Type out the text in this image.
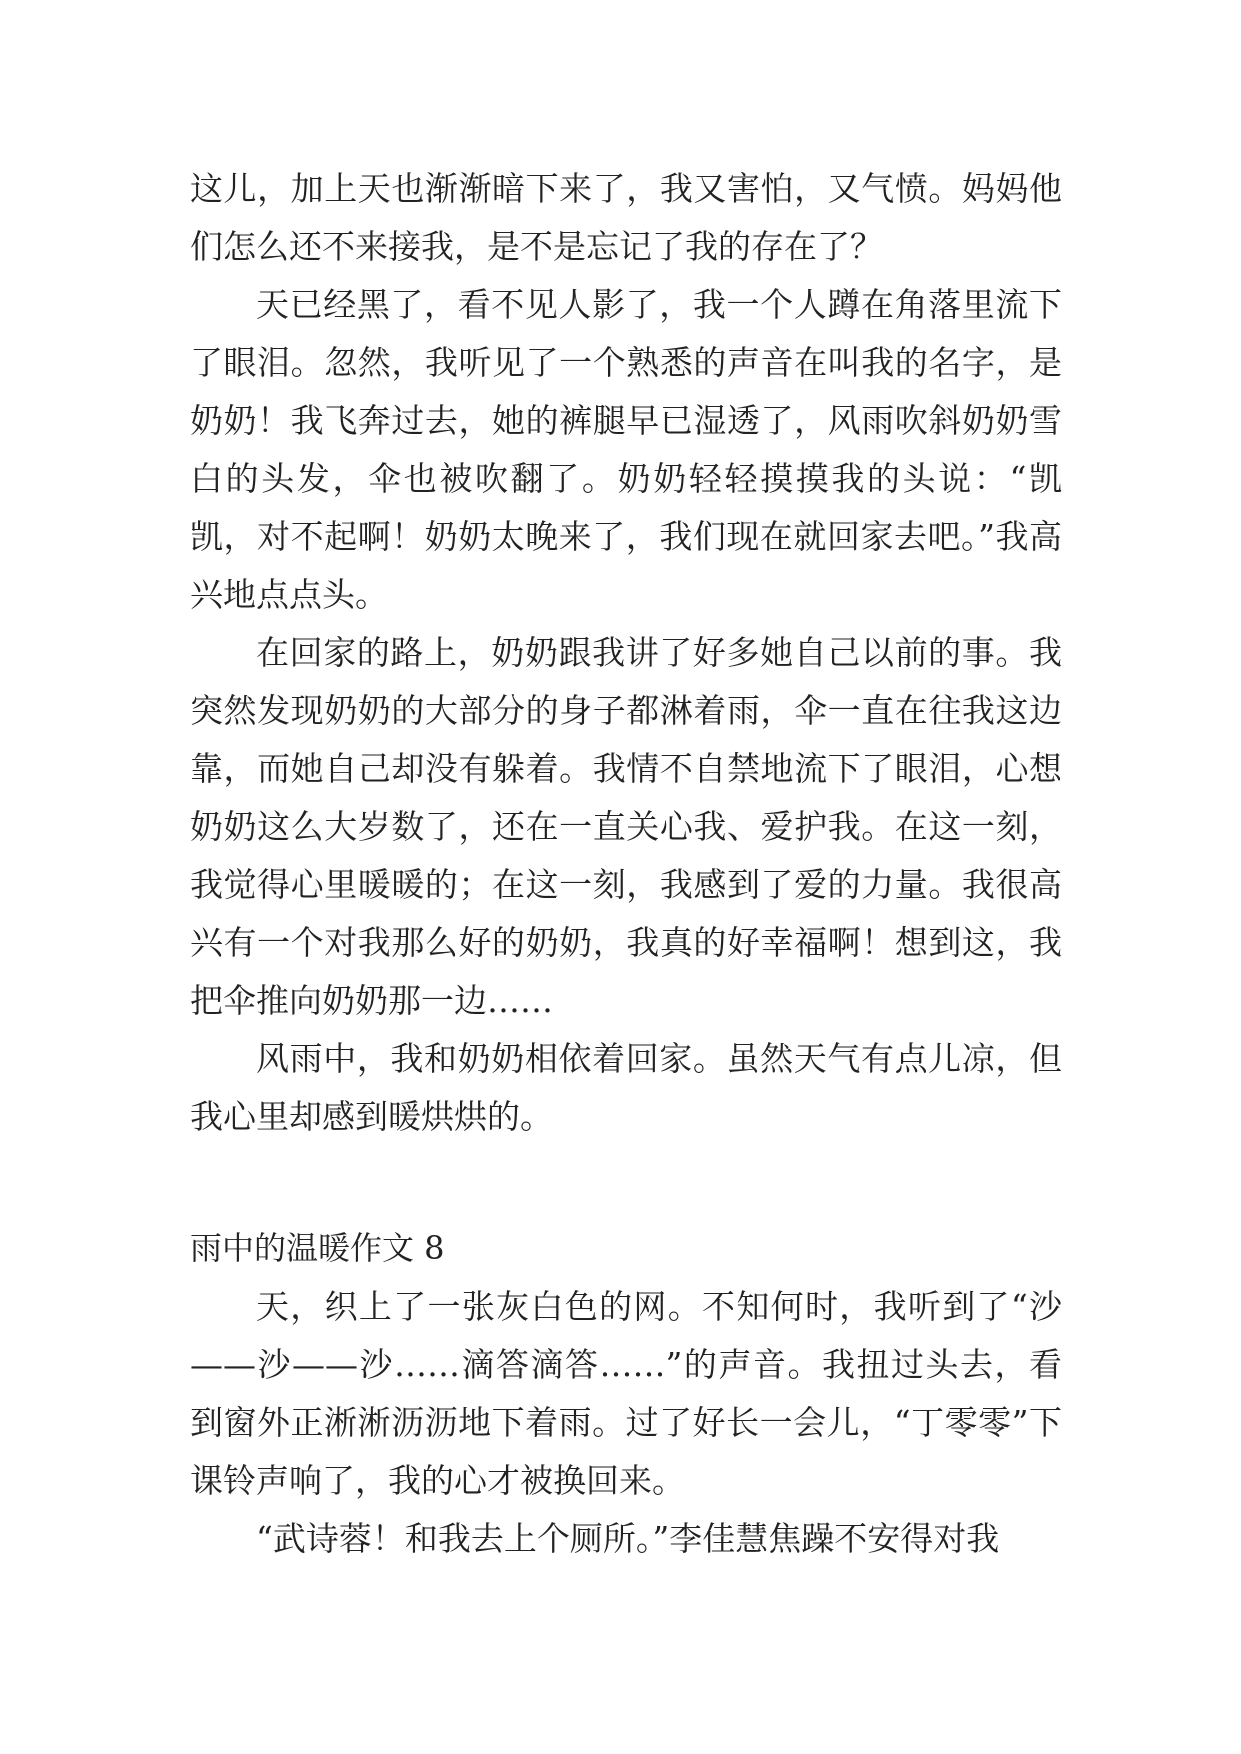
这儿，加上天也渐渐暗下来了，我又害怕，又气愤。妈妈他们怎么还不来接我，是不是忘记了我的存在了？

天已经黑了，看不见人影了，我一个人蹲在角落里流下了眼泪。忽然，我听见了一个熟悉的声音在叫我的名字，是奶奶！我飞奔过去，她的裤腿早已湿透了，风雨吹斜奶奶雪白的头发，伞也被吹翻了。奶奶轻轻摸摸我的头说：“凯凯，对不起啊！奶奶太晚来了，我们现在就回家去吧。”我高兴地点点头。

在回家的路上，奶奶跟我讲了好多她自己以前的事。我突然发现奶奶的大部分的身子都淋着雨，伞一直在往我这边靠，而她自己却没有躲着。我情不自禁地流下了眼泪，心想奶奶这么大岁数了，还在一直关心我、爱护我。在这一刻，我觉得心里暖暖的；在这一刻，我感到了爱的力量。我很高兴有一个对我那么好的奶奶，我真的好幸福啊！想到这，我把伞推向奶奶那一边……

风雨中，我和奶奶相依着回家。虽然天气有点儿凉，但我心里却感到暖烘烘的。

雨中的温暖作文 8

天，织上了一张灰白色的网。不知何时，我听到了“沙——沙——沙……滴答滴答……”的声音。我扭过头去，看到窗外正淅淅沥沥地下着雨。过了好长一会儿，“丁零零”下课铃声响了，我的心才被换回来。

“武诗蓉！和我去上个厕所。”李佳慧焦躁不安得对我
